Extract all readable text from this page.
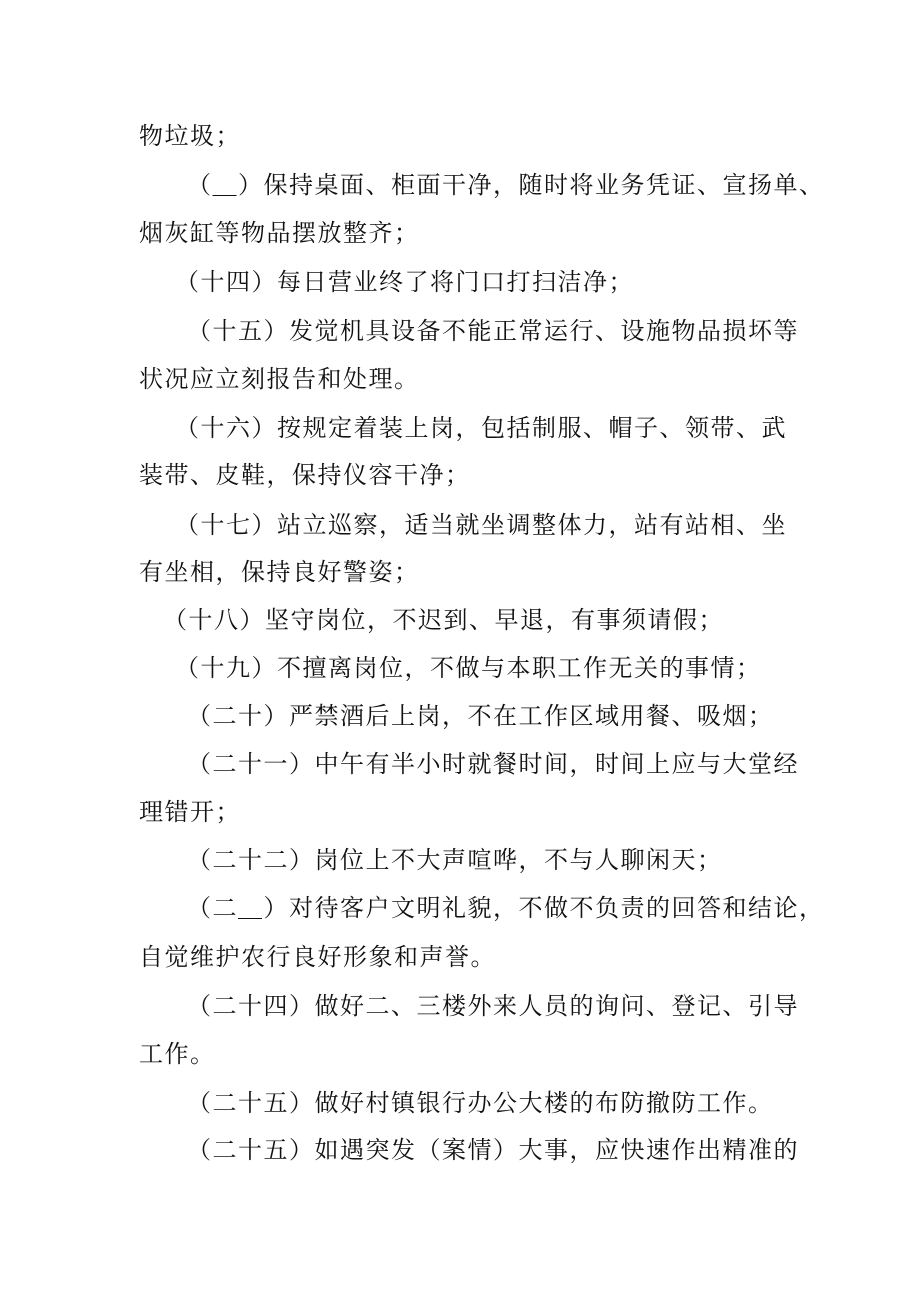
物垃圾；
（＿）保持桌面、柜面干净，随时将业务凭证、宣扬单、
烟灰缸等物品摆放整齐；
（十四）每日营业终了将门口打扫洁净；
（十五）发觉机具设备不能正常运行、设施物品损坏等
状况应立刻报告和处理。
（十六）按规定着装上岗，包括制服、帽子、领带、武
装带、皮鞋，保持仪容干净；
（十七）站立巡察，适当就坐调整体力，站有站相、坐
有坐相，保持良好警姿；
（十八）坚守岗位，不迟到、早退，有事须请假；
（十九）不擅离岗位，不做与本职工作无关的事情；
（二十）严禁酒后上岗，不在工作区域用餐、吸烟；
（二十一）中午有半小时就餐时间，时间上应与大堂经
理错开；
（二十二）岗位上不大声喧哗，不与人聊闲天；
（二＿）对待客户文明礼貌，不做不负责的回答和结论，
自觉维护农行良好形象和声誉。
（二十四）做好二、三楼外来人员的询问、登记、引导
工作。
（二十五）做好村镇银行办公大楼的布防撤防工作。
（二十五）如遇突发（案情）大事，应快速作出精准的
